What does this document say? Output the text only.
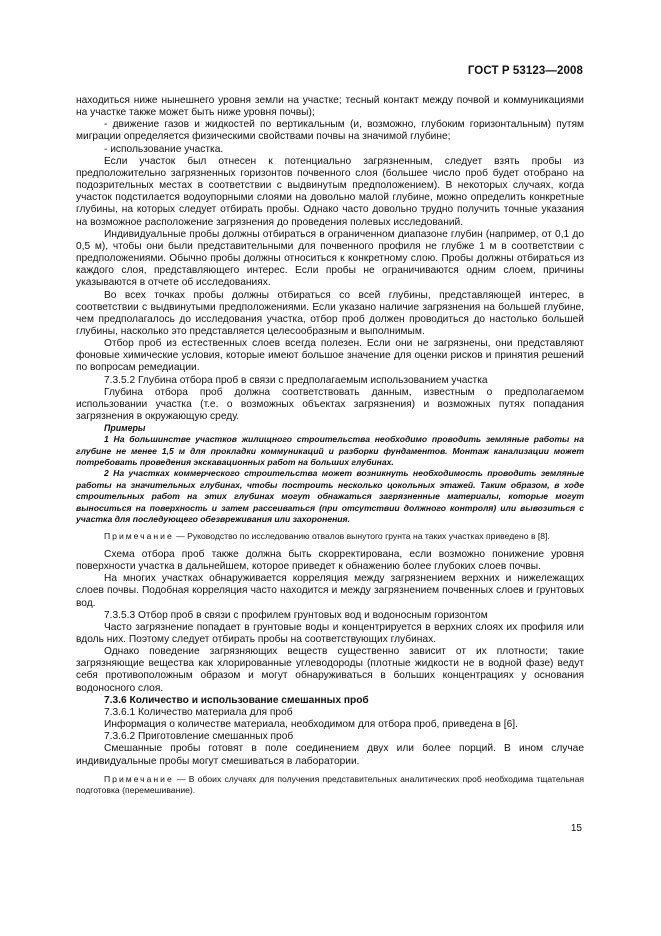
ГОСТ Р 53123—2008

находиться ниже нынешнего уровня земли на участке; тесный контакт между почвой и коммуникациями на участке также может быть ниже уровня почвы);

- движение газов и жидкостей по вертикальным (и, возможно, глубоким горизонтальным) путям миграции определяется физическими свойствами почвы на значимой глубине;

- использование участка.

Если участок был отнесен к потенциально загрязненным, следует взять пробы из предположительно загрязненных горизонтов почвенного слоя (большее число проб будет отобрано на подозрительных местах в соответствии с выдвинутым предположением). В некоторых случаях, когда участок подстилается водоупорными слоями на довольно малой глубине, можно определить конкретные глубины, на которых следует отбирать пробы. Однако часто довольно трудно получить точные указания на возможное расположение загрязнения до проведения полевых исследований.

Индивидуальные пробы должны отбираться в ограниченном диапазоне глубин (например, от 0,1 до 0,5 м), чтобы они были представительными для почвенного профиля не глубже 1 м в соответствии с предположениями. Обычно пробы должны относиться к конкретному слою. Пробы должны отбираться из каждого слоя, представляющего интерес. Если пробы не ограничиваются одним слоем, причины указываются в отчете об исследованиях.

Во всех точках пробы должны отбираться со всей глубины, представляющей интерес, в соответствии с выдвинутыми предположениями. Если указано наличие загрязнения на большей глубине, чем предполагалось до исследования участка, отбор проб должен проводиться до настолько большей глубины, насколько это представляется целесообразным и выполнимым.

Отбор проб из естественных слоев всегда полезен. Если они не загрязнены, они представляют фоновые химические условия, которые имеют большое значение для оценки рисков и принятия решений по вопросам ремедиации.

7.3.5.2 Глубина отбора проб в связи с предполагаемым использованием участка

Глубина отбора проб должна соответствовать данным, известным о предполагаемом использовании участка (т.е. о возможных объектах загрязнения) и возможных путях попадания загрязнения в окружающую среду.

Примеры

1 На большинстве участков жилищного строительства необходимо проводить земляные работы на глубине не менее 1,5 м для прокладки коммуникаций и разборки фундаментов. Монтаж канализации может потребовать проведения экскавационных работ на больших глубинах.

2 На участках коммерческого строительства может возникнуть необходимость проводить земляные работы на значительных глубинах, чтобы построить несколько цокольных этажей. Таким образом, в ходе строительных работ на этих глубинах могут обнажаться загрязненные материалы, которые могут выноситься на поверхность и затем рассеиваться (при отсутствии должного контроля) или вывозиться с участка для последующего обезвреживания или захоронения.

Примечание — Руководство по исследованию отвалов вынутого грунта на таких участках приведено в [8].

Схема отбора проб также должна быть скорректирована, если возможно понижение уровня поверхности участка в дальнейшем, которое приведет к обнажению более глубоких слоев почвы.

На многих участках обнаруживается корреляция между загрязнением верхних и нижележащих слоев почвы. Подобная корреляция часто находится и между загрязнением почвенных слоев и грунтовых вод.

7.3.5.3 Отбор проб в связи с профилем грунтовых вод и водоносным горизонтом

Часто загрязнение попадает в грунтовые воды и концентрируется в верхних слоях их профиля или вдоль них. Поэтому следует отбирать пробы на соответствующих глубинах.

Однако поведение загрязняющих веществ существенно зависит от их плотности; такие загрязняющие вещества как хлорированные углеводороды (плотные жидкости не в водной фазе) ведут себя противоположным образом и могут обнаруживаться в больших концентрациях у основания водоносного слоя.

7.3.6 Количество и использование смешанных проб

7.3.6.1 Количество материала для проб

Информация о количестве материала, необходимом для отбора проб, приведена в [6].

7.3.6.2 Приготовление смешанных проб

Смешанные пробы готовят в поле соединением двух или более порций. В ином случае индивидуальные пробы могут смешиваться в лаборатории.

Примечание — В обоих случаях для получения представительных аналитических проб необходима тщательная подготовка (перемешивание).

15
